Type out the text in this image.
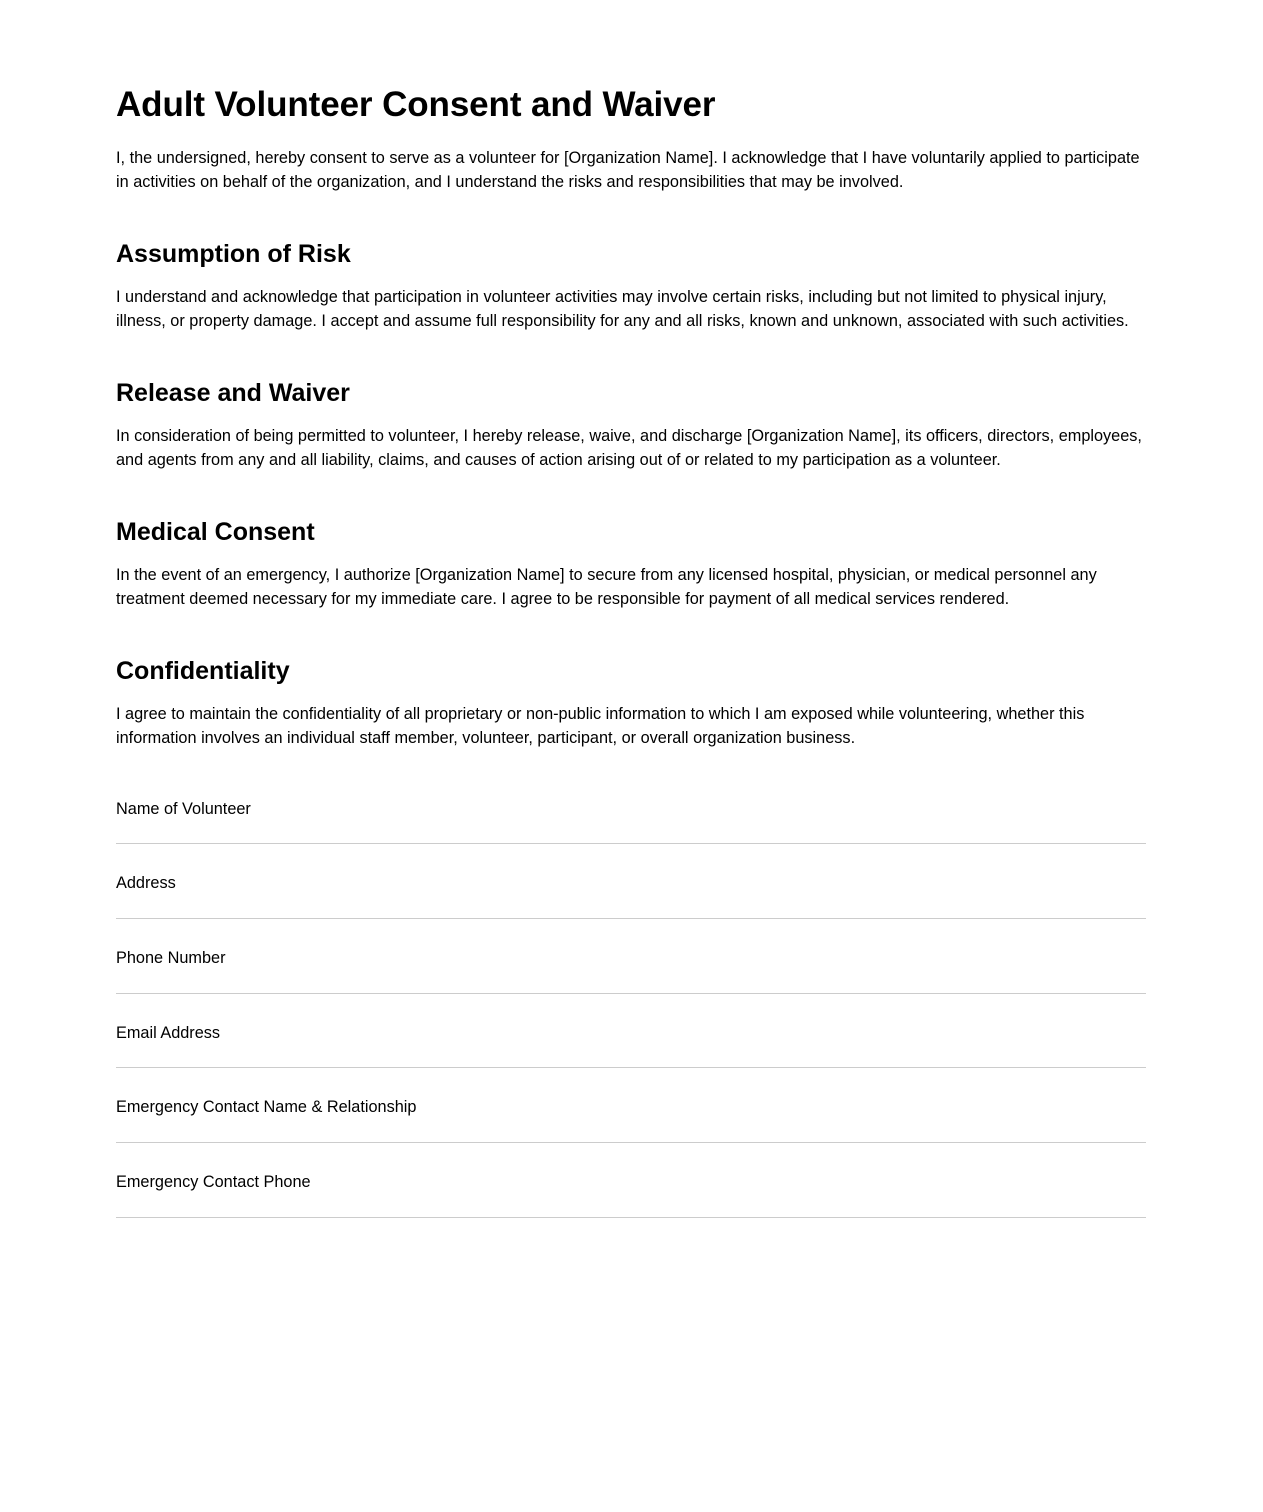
Adult Volunteer Consent and Waiver

I, the undersigned, hereby consent to serve as a volunteer for [Organization Name]. I acknowledge that I have voluntarily applied to participate in activities on behalf of the organization, and I understand the risks and responsibilities that may be involved.

Assumption of Risk

I understand and acknowledge that participation in volunteer activities may involve certain risks, including but not limited to physical injury, illness, or property damage. I accept and assume full responsibility for any and all risks, known and unknown, associated with such activities.

Release and Waiver

In consideration of being permitted to volunteer, I hereby release, waive, and discharge [Organization Name], its officers, directors, employees, and agents from any and all liability, claims, and causes of action arising out of or related to my participation as a volunteer.

Medical Consent

In the event of an emergency, I authorize [Organization Name] to secure from any licensed hospital, physician, or medical personnel any treatment deemed necessary for my immediate care. I agree to be responsible for payment of all medical services rendered.

Confidentiality

I agree to maintain the confidentiality of all proprietary or non-public information to which I am exposed while volunteering, whether this information involves an individual staff member, volunteer, participant, or overall organization business.

Name of Volunteer
Address
Phone Number
Email Address
Emergency Contact Name & Relationship
Emergency Contact Phone
